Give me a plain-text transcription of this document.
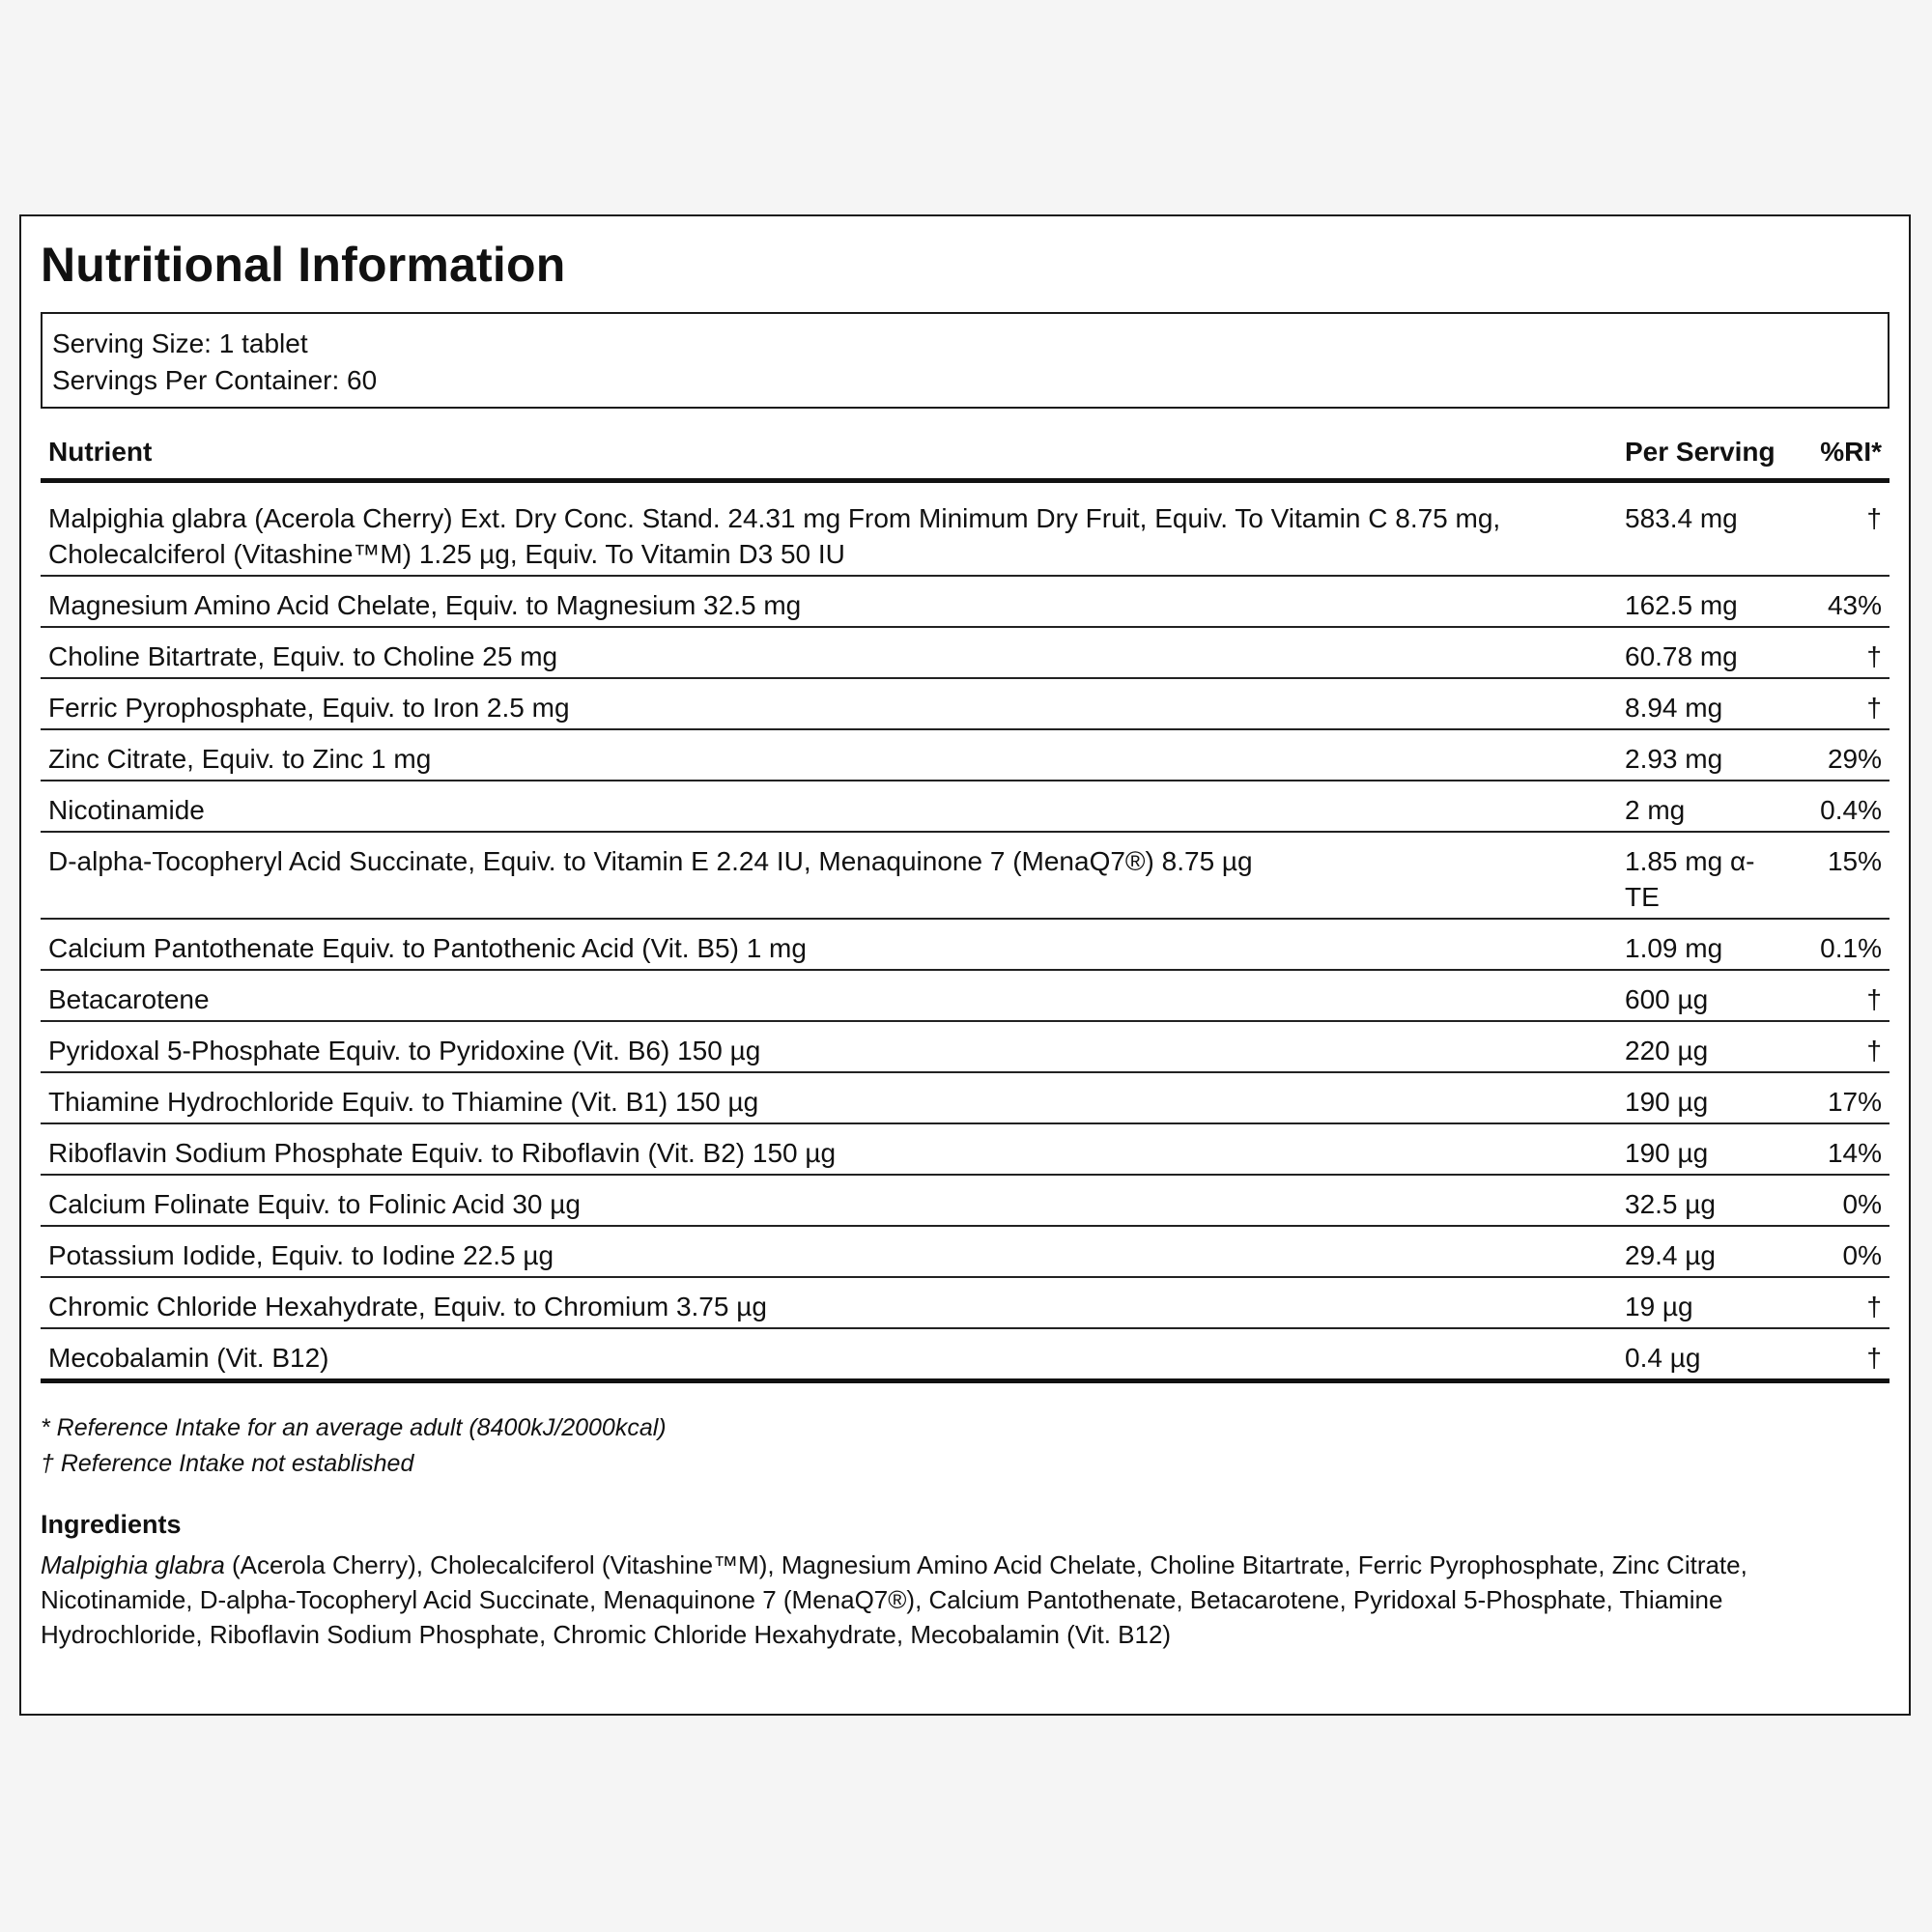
Nutritional Information
Serving Size: 1 tablet
Servings Per Container: 60
Nutrient	Per Serving	%RI*
Malpighia glabra (Acerola Cherry) Ext. Dry Conc. Stand. 24.31 mg From Minimum Dry Fruit, Equiv. To Vitamin C 8.75 mg, Cholecalciferol (Vitashine™M) 1.25 µg, Equiv. To Vitamin D3 50 IU	583.4 mg	†
Magnesium Amino Acid Chelate, Equiv. to Magnesium 32.5 mg	162.5 mg	43%
Choline Bitartrate, Equiv. to Choline 25 mg	60.78 mg	†
Ferric Pyrophosphate, Equiv. to Iron 2.5 mg	8.94 mg	†
Zinc Citrate, Equiv. to Zinc 1 mg	2.93 mg	29%
Nicotinamide	2 mg	0.4%
D-alpha-Tocopheryl Acid Succinate, Equiv. to Vitamin E 2.24 IU, Menaquinone 7 (MenaQ7®) 8.75 µg	1.85 mg α-TE	15%
Calcium Pantothenate Equiv. to Pantothenic Acid (Vit. B5) 1 mg	1.09 mg	0.1%
Betacarotene	600 µg	†
Pyridoxal 5-Phosphate Equiv. to Pyridoxine (Vit. B6) 150 µg	220 µg	†
Thiamine Hydrochloride Equiv. to Thiamine (Vit. B1) 150 µg	190 µg	17%
Riboflavin Sodium Phosphate Equiv. to Riboflavin (Vit. B2) 150 µg	190 µg	14%
Calcium Folinate Equiv. to Folinic Acid 30 µg	32.5 µg	0%
Potassium Iodide, Equiv. to Iodine 22.5 µg	29.4 µg	0%
Chromic Chloride Hexahydrate, Equiv. to Chromium 3.75 µg	19 µg	†
Mecobalamin (Vit. B12)	0.4 µg	†
* Reference Intake for an average adult (8400kJ/2000kcal)
† Reference Intake not established
Ingredients
Malpighia glabra (Acerola Cherry), Cholecalciferol (Vitashine™M), Magnesium Amino Acid Chelate, Choline Bitartrate, Ferric Pyrophosphate, Zinc Citrate, Nicotinamide, D-alpha-Tocopheryl Acid Succinate, Menaquinone 7 (MenaQ7®), Calcium Pantothenate, Betacarotene, Pyridoxal 5-Phosphate, Thiamine Hydrochloride, Riboflavin Sodium Phosphate, Chromic Chloride Hexahydrate, Mecobalamin (Vit. B12)
